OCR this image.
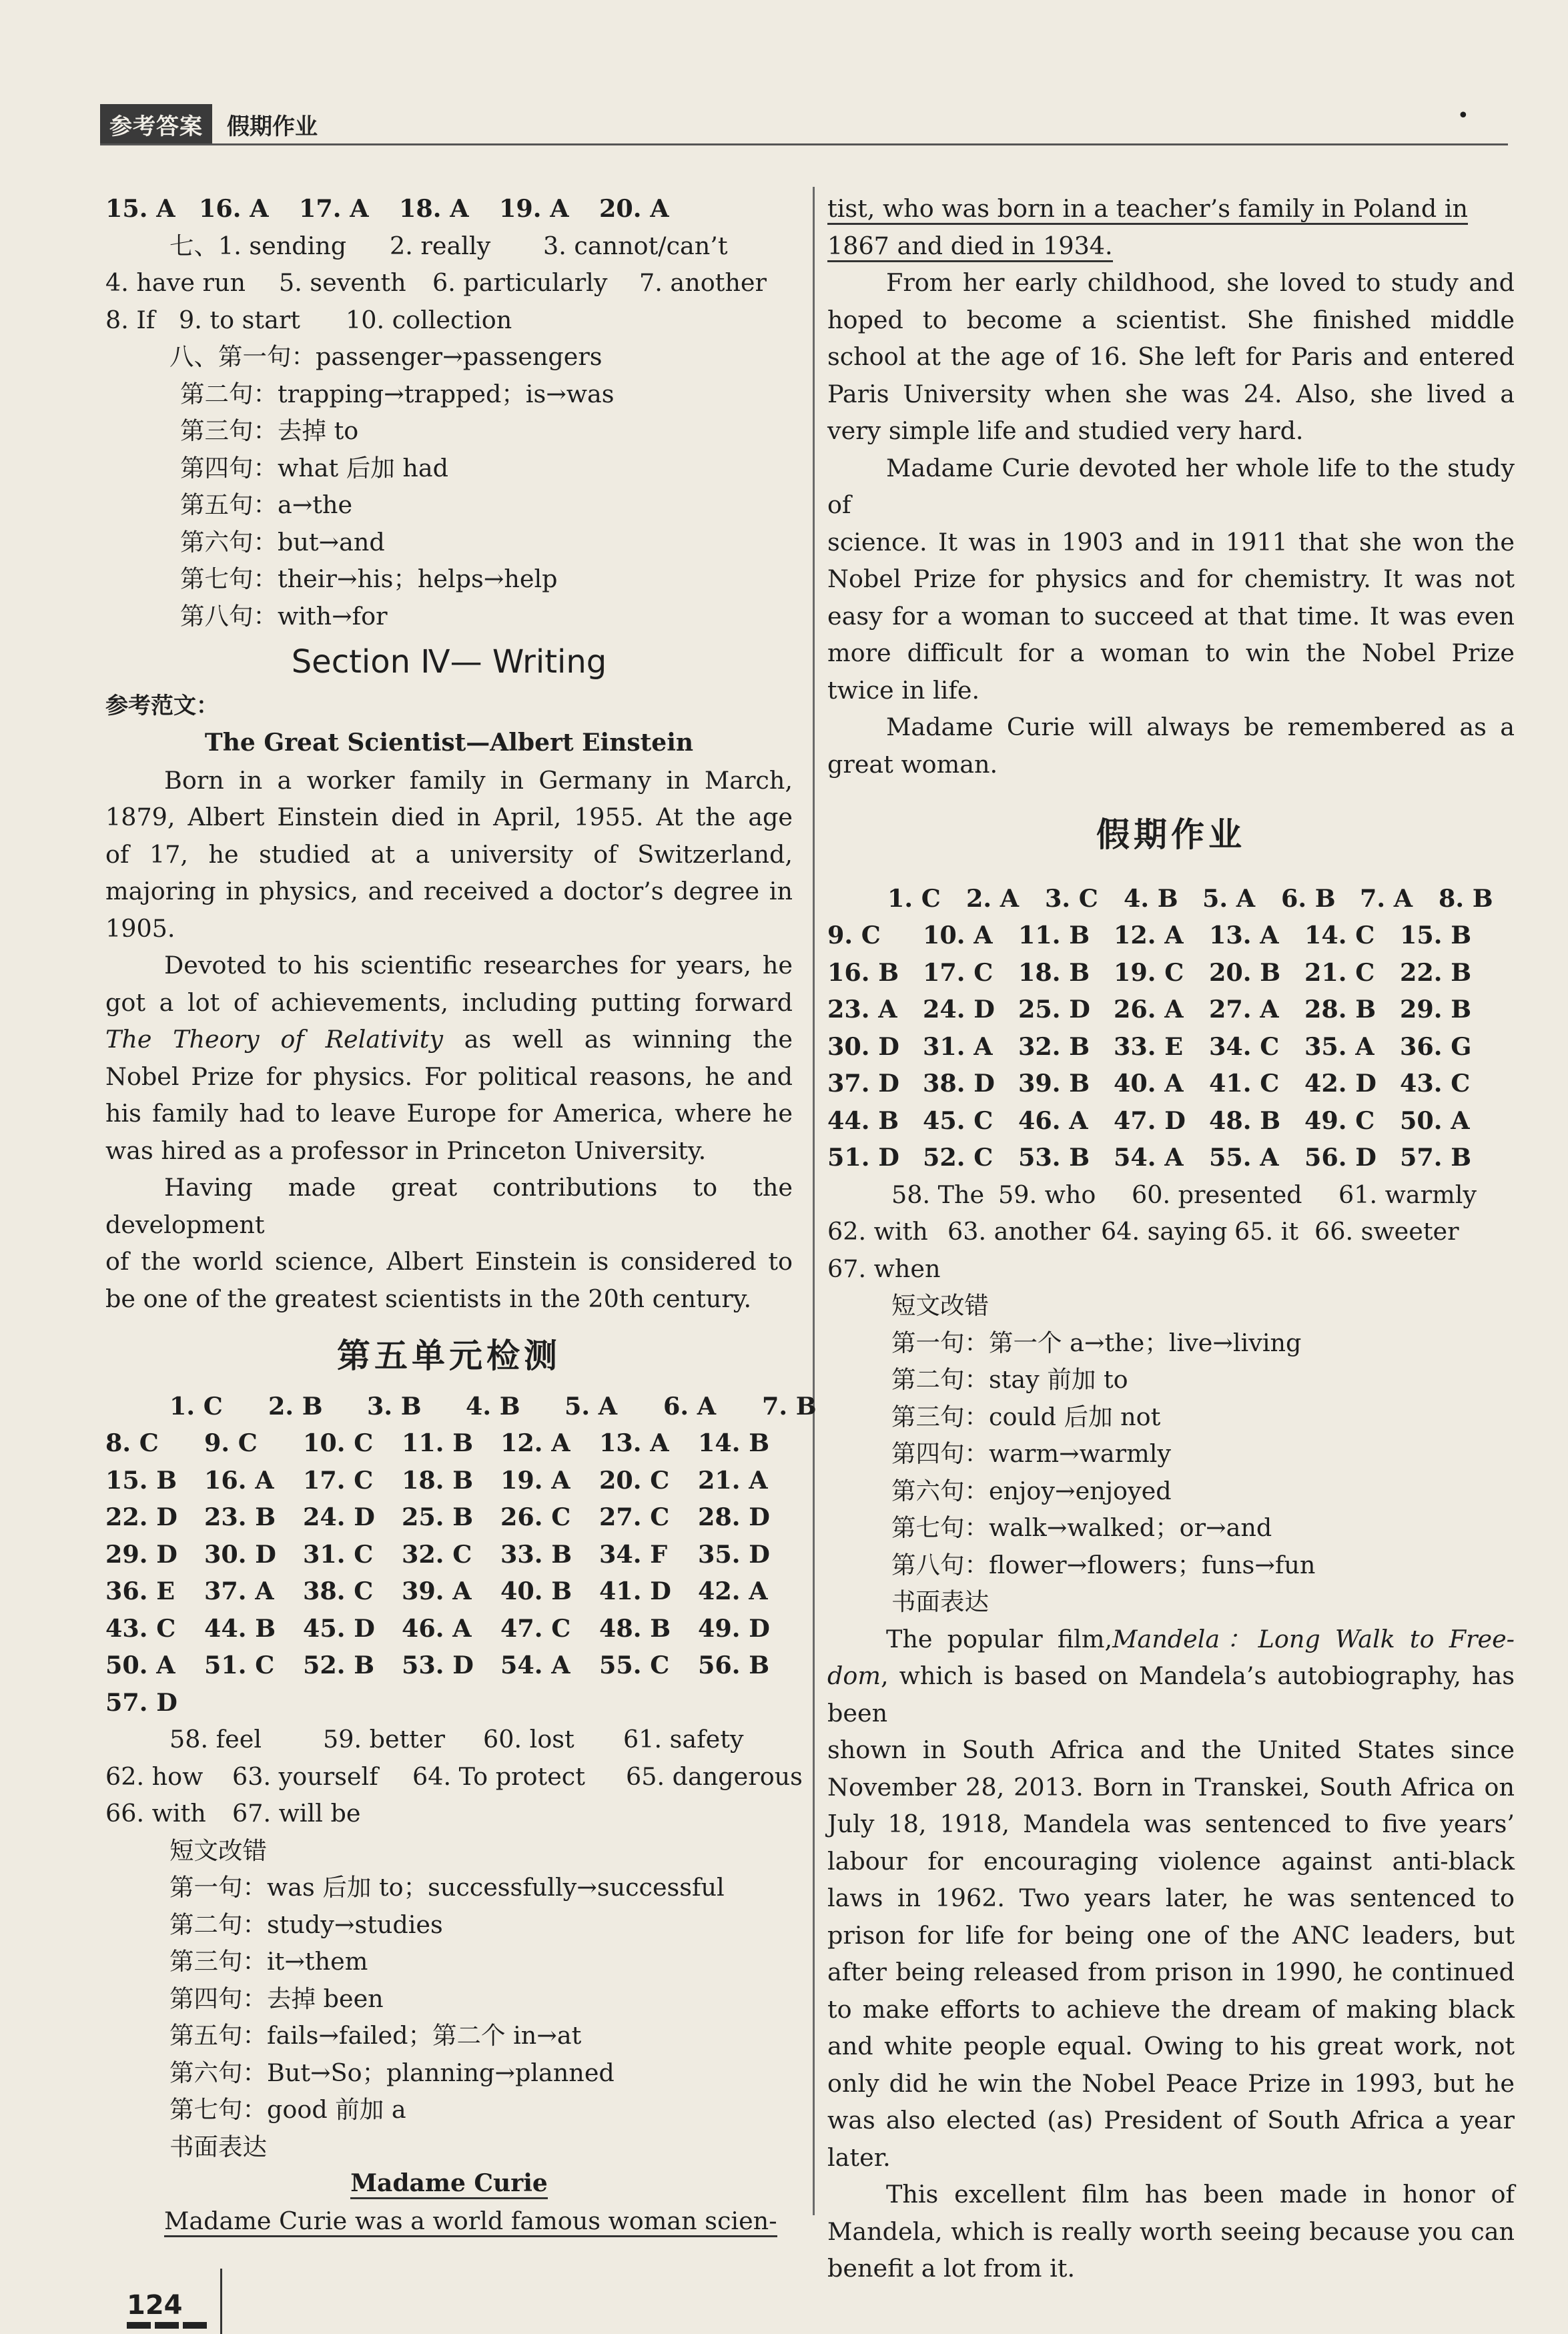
参考答案	假期作业	•
15. A 16. A	17. A	18. A	19. A	20. A
七、1. sending	2. really	3. cannot/can’t
4. have run	5. seventh	6. particularly	7. another
8. If 9. to start	10. collection
八、第一句：passenger→passengers
第二句：trapping→trapped；is→was
第三句：去掉 to
第四句：what 后加 had
第五句：a→the
第六句：but→and
第七句：their→his；helps→help
第八句：with→for
Section Ⅳ— Writing
参考范文：
The Great Scientist—Albert Einstein
Born in a worker family in Germany in March,
1879, Albert Einstein died in April, 1955. At the age
of 17, he studied at a university of Switzerland,
majoring in physics, and received a doctor’s degree in
1905.
Devoted to his scientific researches for years, he
got a lot of achievements, including putting forward
The Theory of Relativity as well as winning the
Nobel Prize for physics. For political reasons, he and
his family had to leave Europe for America, where he
was hired as a professor in Princeton University.
Having made great contributions to the development
of the world science, Albert Einstein is considered to
be one of the greatest scientists in the 20th century.
第五单元检测
1. C	2. B	3. B	4. B	5. A	6. A	7. B
8. C	9. C	10. C	11. B	12. A	13. A	14. B
15. B	16. A	17. C	18. B	19. A	20. C	21. A
22. D	23. B	24. D	25. B	26. C	27. C	28. D
29. D	30. D	31. C	32. C	33. B	34. F	35. D
36. E	37. A	38. C	39. A	40. B	41. D	42. A
43. C	44. B	45. D	46. A	47. C	48. B	49. D
50. A	51. C	52. B	53. D	54. A	55. C	56. B
57. D
58. feel	59. better	60. lost	61. safety
62. how	63. yourself	64. To protect	65. dangerous
66. with	67. will be
短文改错
第一句：was 后加 to；successfully→successful
第二句：study→studies
第三句：it→them
第四句：去掉 been
第五句：fails→failed；第二个 in→at
第六句：But→So；planning→planned
第七句：good 前加 a
书面表达
Madame Curie
Madame Curie was a world famous woman scien-
tist, who was born in a teacher’s family in Poland in
1867 and died in 1934.
From her early childhood, she loved to study and
hoped to become a scientist. She finished middle
school at the age of 16. She left for Paris and entered
Paris University when she was 24. Also, she lived a
very simple life and studied very hard.
Madame Curie devoted her whole life to the study of
science. It was in 1903 and in 1911 that she won the
Nobel Prize for physics and for chemistry. It was not
easy for a woman to succeed at that time. It was even
more difficult for a woman to win the Nobel Prize
twice in life.
Madame Curie will always be remembered as a
great woman.
假期作业
1. C	2. A	3. C	4. B 5. A	6. B 7. A	8. B
9. C	10. A	11. B 12. A	13. A	14. C	15. B
16. B 17. C	18. B 19. C	20. B 21. C	22. B
23. A	24. D 25. D 26. A	27. A	28. B 29. B
30. D 31. A	32. B 33. E	34. C	35. A	36. G
37. D 38. D 39. B 40. A	41. C	42. D 43. C
44. B 45. C	46. A	47. D 48. B 49. C	50. A
51. D 52. C	53. B 54. A	55. A	56. D 57. B
58. The 59. who	60. presented	61. warmly
62. with 63. another 64. saying 65. it 66. sweeter
67. when
短文改错
第一句：第一个 a→the；live→living
第二句：stay 前加 to
第三句：could 后加 not
第四句：warm→warmly
第六句：enjoy→enjoyed
第七句：walk→walked；or→and
第八句：flower→flowers；funs→fun
书面表达
The popular film,Mandela：Long Walk to Free-
dom, which is based on Mandela’s autobiography, has been
shown in South Africa and the United States since
November 28, 2013. Born in Transkei, South Africa on
July 18, 1918, Mandela was sentenced to five years’
labour for encouraging violence against anti-black
laws in 1962. Two years later, he was sentenced to
prison for life for being one of the ANC leaders, but
after being released from prison in 1990, he continued
to make efforts to achieve the dream of making black
and white people equal. Owing to his great work, not
only did he win the Nobel Peace Prize in 1993, but he
was also elected (as) President of South Africa a year
later.
This excellent film has been made in honor of
Mandela, which is really worth seeing because you can
benefit a lot from it.
124
